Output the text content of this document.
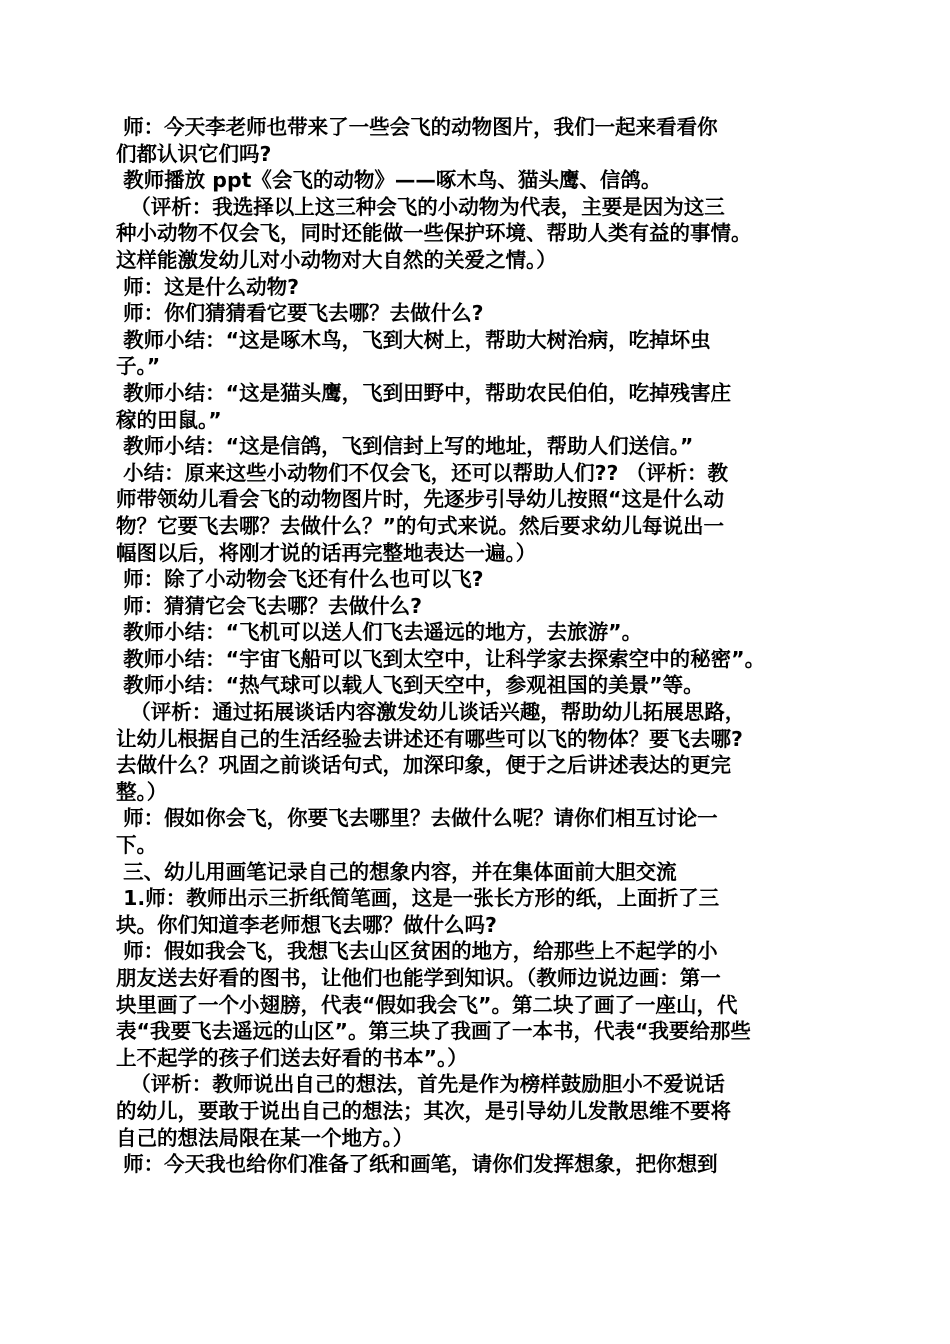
师：今天李老师也带来了一些会飞的动物图片，我们一起来看看你
们都认识它们吗?
教师播放 ppt《会飞的动物》——啄木鸟、猫头鹰、信鸽。
（评析：我选择以上这三种会飞的小动物为代表，主要是因为这三
种小动物不仅会飞，同时还能做一些保护环境、帮助人类有益的事情。
这样能激发幼儿对小动物对大自然的关爱之情。）
师：这是什么动物?
师：你们猜猜看它要飞去哪？去做什么?
教师小结：“这是啄木鸟，飞到大树上，帮助大树治病，吃掉坏虫
子。”
教师小结：“这是猫头鹰，飞到田野中，帮助农民伯伯，吃掉残害庄
稼的田鼠。”
教师小结：“这是信鸽，飞到信封上写的地址，帮助人们送信。”
小结：原来这些小动物们不仅会飞，还可以帮助人们?? （评析：教
师带领幼儿看会飞的动物图片时，先逐步引导幼儿按照“这是什么动
物？它要飞去哪？去做什么？”的句式来说。然后要求幼儿每说出一
幅图以后，将刚才说的话再完整地表达一遍。）
师：除了小动物会飞还有什么也可以飞?
师：猜猜它会飞去哪？去做什么?
教师小结：“飞机可以送人们飞去遥远的地方，去旅游”。
教师小结：“宇宙飞船可以飞到太空中，让科学家去探索空中的秘密”。
教师小结：“热气球可以载人飞到天空中，参观祖国的美景”等。
（评析：通过拓展谈话内容激发幼儿谈话兴趣，帮助幼儿拓展思路，
让幼儿根据自己的生活经验去讲述还有哪些可以飞的物体？要飞去哪?
去做什么？巩固之前谈话句式，加深印象，便于之后讲述表达的更完
整。）
师：假如你会飞，你要飞去哪里？去做什么呢？请你们相互讨论一
下。
三、幼儿用画笔记录自己的想象内容，并在集体面前大胆交流
1.师：教师出示三折纸简笔画，这是一张长方形的纸，上面折了三
块。你们知道李老师想飞去哪？做什么吗?
师：假如我会飞，我想飞去山区贫困的地方，给那些上不起学的小
朋友送去好看的图书，让他们也能学到知识。（教师边说边画：第一
块里画了一个小翅膀，代表“假如我会飞”。第二块了画了一座山，代
表“我要飞去遥远的山区”。第三块了我画了一本书，代表“我要给那些
上不起学的孩子们送去好看的书本”。）
（评析：教师说出自己的想法，首先是作为榜样鼓励胆小不爱说话
的幼儿，要敢于说出自己的想法；其次，是引导幼儿发散思维不要将
自己的想法局限在某一个地方。）
师：今天我也给你们准备了纸和画笔，请你们发挥想象，把你想到
